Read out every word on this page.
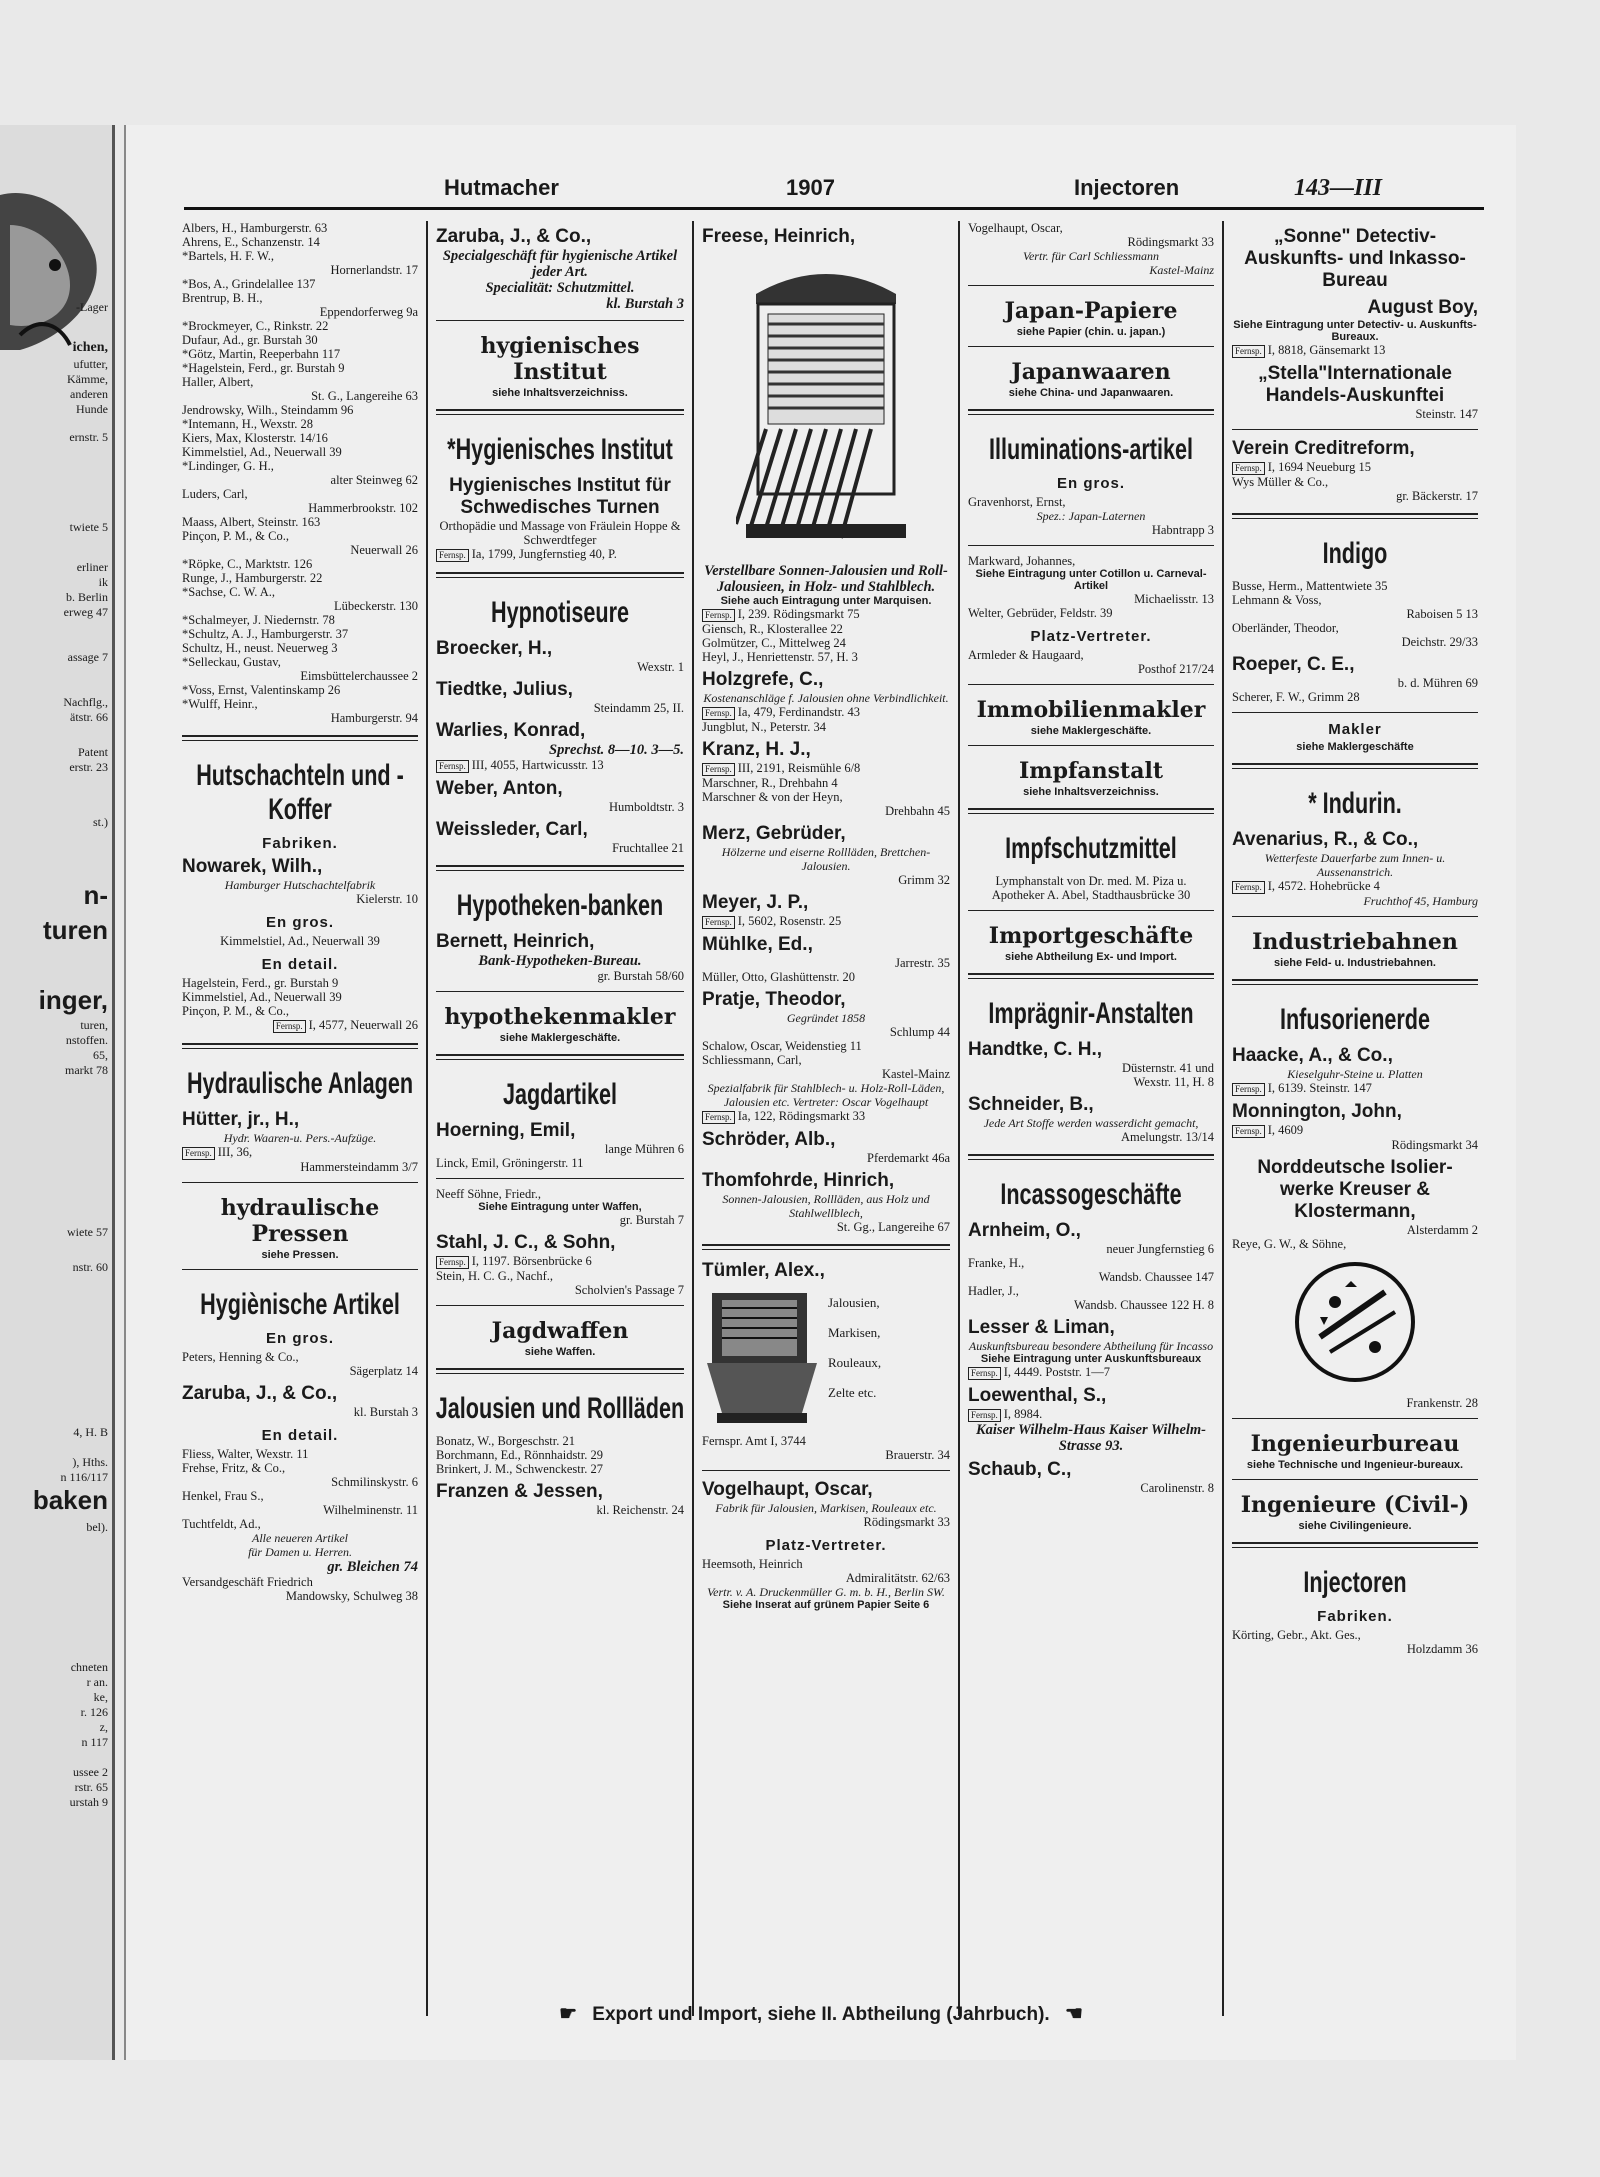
-Lager
ichen,
ufutter,
Kämme,
anderen
Hunde
ernstr. 5
twiete 5
erliner
ik
b. Berlin
erweg 47
assage 7
Nachflg.,
ätstr. 66
Patent
erstr. 23
st.)
n-
turen
inger,
turen,
nstoffen.
65,
markt 78
wiete 57
nstr. 60
4, H. B
), Hths.
n 116/117
baken
bel).
chneten
r an.
ke,
r. 126
z,
n 117
ussee 2
rstr. 65
urstah 9
Hutmacher	1907	Injectoren	143—III
Albers, H., Hamburgerstr. 63
Ahrens, E., Schanzenstr. 14
*Bartels, H. F. W.,
Hornerlandstr. 17
*Bos, A., Grindelallee 137
Brentrup, B. H.,
Eppendorferweg 9a
*Brockmeyer, C., Rinkstr. 22
Dufaur, Ad., gr. Burstah 30
*Götz, Martin, Reeperbahn 117
*Hagelstein, Ferd., gr. Burstah 9
Haller, Albert,
St. G., Langereihe 63
Jendrowsky, Wilh., Steindamm 96
*Intemann, H., Wexstr. 28
Kiers, Max, Klosterstr. 14/16
Kimmelstiel, Ad., Neuerwall 39
*Lindinger, G. H.,
alter Steinweg 62
Luders, Carl,
Hammerbrookstr. 102
Maass, Albert, Steinstr. 163
Pinçon, P. M., & Co.,
Neuerwall 26
*Röpke, C., Marktstr. 126
Runge, J., Hamburgerstr. 22
*Sachse, C. W. A.,
Lübeckerstr. 130
*Schalmeyer, J. Niedernstr. 78
*Schultz, A. J., Hamburgerstr. 37
Schultz, H., neust. Neuerweg 3
*Selleckau, Gustav,
Eimsbüttelerchaussee 2
*Voss, Ernst, Valentinskamp 26
*Wulff, Heinr.,
Hamburgerstr. 94
Hutschachteln und -Koffer
Fabriken.
Nowarek, Wilh.,
Hamburger Hutschachtelfabrik
Kielerstr. 10
En gros.
Kimmelstiel, Ad., Neuerwall 39
En detail.
Hagelstein, Ferd., gr. Burstah 9
Kimmelstiel, Ad., Neuerwall 39
Pinçon, P. M., & Co.,
Fernsp. I, 4577, Neuerwall 26
Hydraulische Anlagen
Hütter, jr., H.,
Hydr. Waaren-u. Pers.-Aufzüge.
Fernsp. III, 36,
Hammersteindamm 3/7
hydraulische Pressen
siehe Pressen.
Hygiènische Artikel
En gros.
Peters, Henning & Co.,
Sägerplatz 14
Zaruba, J., & Co.,
kl. Burstah 3
En detail.
Fliess, Walter, Wexstr. 11
Frehse, Fritz, & Co.,
Schmilinskystr. 6
Henkel, Frau S.,
Wilhelminenstr. 11
Tuchtfeldt, Ad.,
Alle neueren Artikel
für Damen u. Herren.
gr. Bleichen 74
Versandgeschäft Friedrich
Mandowsky, Schulweg 38
Zaruba, J., & Co.,
Specialgeschäft für hygienische Artikel jeder Art.
Specialität: Schutzmittel.
kl. Burstah 3
hygienisches Institut
siehe Inhaltsverzeichniss.
*Hygienisches Institut
Hygienisches Institut für Schwedisches Turnen
Orthopädie und Massage von Fräulein Hoppe & Schwerdtfeger
Fernsp. Ia, 1799, Jungfernstieg 40, P.
Hypnotiseure
Broecker, H.,
Wexstr. 1
Tiedtke, Julius,
Steindamm 25, II.
Warlies, Konrad,
Sprechst. 8—10. 3—5.
Fernsp. III, 4055, Hartwicusstr. 13
Weber, Anton,
Humboldtstr. 3
Weissleder, Carl,
Fruchtallee 21
Hypotheken-banken
Bernett, Heinrich,
Bank-Hypotheken-Bureau.
gr. Burstah 58/60
hypothekenmakler
siehe Maklergeschäfte.
Jagdartikel
Hoerning, Emil,
lange Mühren 6
Linck, Emil, Gröningerstr. 11
Neeff Söhne, Friedr.,
Siehe Eintragung unter Waffen,
gr. Burstah 7
Stahl, J. C., & Sohn,
Fernsp. I, 1197. Börsenbrücke 6
Stein, H. C. G., Nachf.,
Scholvien's Passage 7
Jagdwaffen
siehe Waffen.
Jalousien und Rollläden
Bonatz, W., Borgeschstr. 21
Borchmann, Ed., Rönnhaidstr. 29
Brinkert, J. M., Schwenckestr. 27
Franzen & Jessen,
kl. Reichenstr. 24
Freese, Heinrich,
Verstellbare Sonnen-Jalousien und Roll-Jalousieen, in Holz- und Stahlblech.
Siehe auch Eintragung unter Marquisen.
Fernsp. I, 239. Rödingsmarkt 75
Giensch, R., Klosterallee 22
Golmützer, C., Mittelweg 24
Heyl, J., Henriettenstr. 57, H. 3
Holzgrefe, C.,
Kostenanschläge f. Jalousien ohne Verbindlichkeit.
Fernsp. Ia, 479, Ferdinandstr. 43
Jungblut, N., Peterstr. 34
Kranz, H. J.,
Fernsp. III, 2191, Reismühle 6/8
Marschner, R., Drehbahn 4
Marschner & von der Heyn,
Drehbahn 45
Merz, Gebrüder,
Hölzerne und eiserne Rollläden, Brettchen-Jalousien.
Grimm 32
Meyer, J. P.,
Fernsp. I, 5602, Rosenstr. 25
Mühlke, Ed.,
Jarrestr. 35
Müller, Otto, Glashüttenstr. 20
Pratje, Theodor,
Gegründet 1858
Schlump 44
Schalow, Oscar, Weidenstieg 11
Schliessmann, Carl,
Kastel-Mainz
Spezialfabrik für Stahlblech- u. Holz-Roll-Läden, Jalousien etc. Vertreter: Oscar Vogelhaupt
Fernsp. Ia, 122, Rödingsmarkt 33
Schröder, Alb.,
Pferdemarkt 46a
Thomfohrde, Hinrich,
Sonnen-Jalousien, Rollläden, aus Holz und Stahlwellblech,
St. Gg., Langereihe 67
Tümler, Alex.,
Jalousien,
Markisen,
Rouleaux,
Zelte etc.
Fernspr. Amt I, 3744
Brauerstr. 34
Vogelhaupt, Oscar,
Fabrik für Jalousien, Markisen, Rouleaux etc.
Rödingsmarkt 33
Platz-Vertreter.
Heemsoth, Heinrich
Admiralitätstr. 62/63
Vertr. v. A. Druckenmüller G. m. b. H., Berlin SW.
Siehe Inserat auf grünem Papier Seite 6
Vogelhaupt, Oscar,
Rödingsmarkt 33
Vertr. für Carl Schliessmann
Kastel-Mainz
Japan-Papiere
siehe Papier (chin. u. japan.)
Japanwaaren
siehe China- und Japanwaaren.
Illuminations-artikel
En gros.
Gravenhorst, Ernst,
Spez.: Japan-Laternen
Habntrapp 3
Markward, Johannes,
Siehe Eintragung unter Cotillon u. Carneval-Artikel
Michaelisstr. 13
Welter, Gebrüder, Feldstr. 39
Platz-Vertreter.
Armleder & Haugaard,
Posthof 217/24
Immobilienmakler
siehe Maklergeschäfte.
Impfanstalt
siehe Inhaltsverzeichniss.
Impfschutzmittel
Lymphanstalt von Dr. med. M. Piza u. Apotheker A. Abel, Stadthausbrücke 30
Importgeschäfte
siehe Abtheilung Ex- und Import.
Imprägnir-Anstalten
Handtke, C. H.,
Düsternstr. 41 und
Wexstr. 11, H. 8
Schneider, B.,
Jede Art Stoffe werden wasserdicht gemacht,
Amelungstr. 13/14
Incassogeschäfte
Arnheim, O.,
neuer Jungfernstieg 6
Franke, H.,
Wandsb. Chaussee 147
Hadler, J.,
Wandsb. Chaussee 122 H. 8
Lesser & Liman,
Auskunftsbureau besondere Abtheilung für Incasso
Siehe Eintragung unter Auskunftsbureaux
Fernsp. I, 4449. Poststr. 1—7
Loewenthal, S.,
Fernsp. I, 8984.
Kaiser Wilhelm-Haus Kaiser Wilhelm-Strasse 93.
Schaub, C.,
Carolinenstr. 8
„Sonne" Detectiv-Auskunfts- und Inkasso-Bureau
August Boy,
Siehe Eintragung unter Detectiv- u. Auskunfts-Bureaux.
Fernsp. I, 8818, Gänsemarkt 13
„Stella"Internationale Handels-Auskunftei
Steinstr. 147
Verein Creditreform,
Fernsp. I, 1694 Neueburg 15
Wys Müller & Co.,
gr. Bäckerstr. 17
Indigo
Busse, Herm., Mattentwiete 35
Lehmann & Voss,
Raboisen 5 13
Oberländer, Theodor,
Deichstr. 29/33
Roeper, C. E.,
b. d. Mühren 69
Scherer, F. W., Grimm 28
Makler
siehe Maklergeschäfte
* Indurin.
Avenarius, R., & Co.,
Wetterfeste Dauerfarbe zum Innen- u. Aussenanstrich.
Fernsp. I, 4572. Hohebrücke 4
Fruchthof 45, Hamburg
Industriebahnen
siehe Feld- u. Industriebahnen.
Infusorienerde
Haacke, A., & Co.,
Kieselguhr-Steine u. Platten
Fernsp. I, 6139. Steinstr. 147
Monnington, John,
Fernsp. I, 4609
Rödingsmarkt 34
Norddeutsche Isolier-werke Kreuser & Klostermann,
Alsterdamm 2
Reye, G. W., & Söhne,
Frankenstr. 28
Ingenieurbureau
siehe Technische und Ingenieur-bureaux.
Ingenieure (Civil-)
siehe Civilingenieure.
Injectoren
Fabriken.
Körting, Gebr., Akt. Ges.,
Holzdamm 36
☛ Export und Import, siehe II. Abtheilung (Jahrbuch). ☚
